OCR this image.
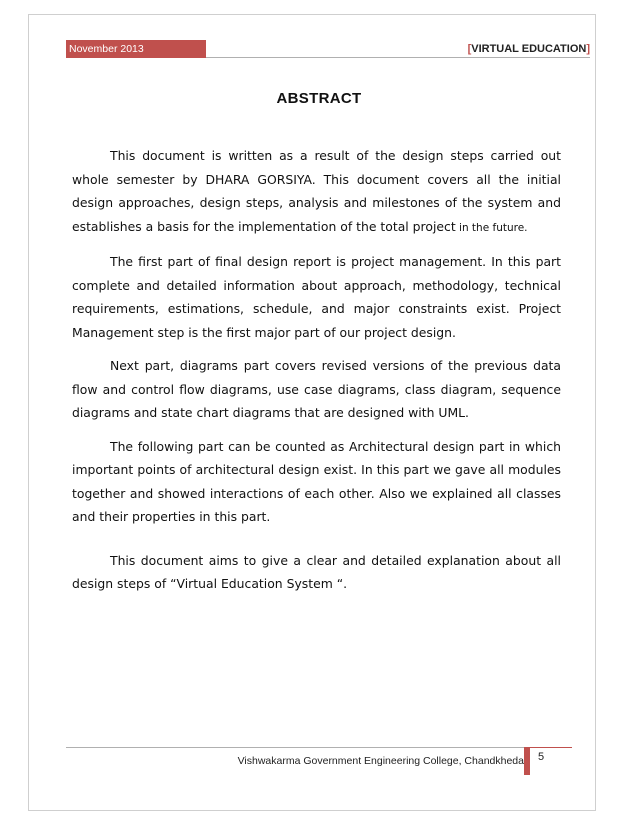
November 2013	[VIRTUAL EDUCATION]
ABSTRACT

This document is written as a result of the design steps carried out whole semester by DHARA GORSIYA. This document covers all the initial design approaches, design steps, analysis and milestones of the system and establishes a basis for the implementation of the total project in the future.

The first part of final design report is project management. In this part complete and detailed information about approach, methodology, technical requirements, estimations, schedule, and major constraints exist. Project Management step is the first major part of our project design.

Next part, diagrams part covers revised versions of the previous data flow and control flow diagrams, use case diagrams, class diagram, sequence diagrams and state chart diagrams that are designed with UML.

The following part can be counted as Architectural design part in which important points of architectural design exist. In this part we gave all modules together and showed interactions of each other. Also we explained all classes and their properties in this part.

This document aims to give a clear and detailed explanation about all design steps of “Virtual Education System “.

Vishwakarma Government Engineering College, Chandkheda 5
